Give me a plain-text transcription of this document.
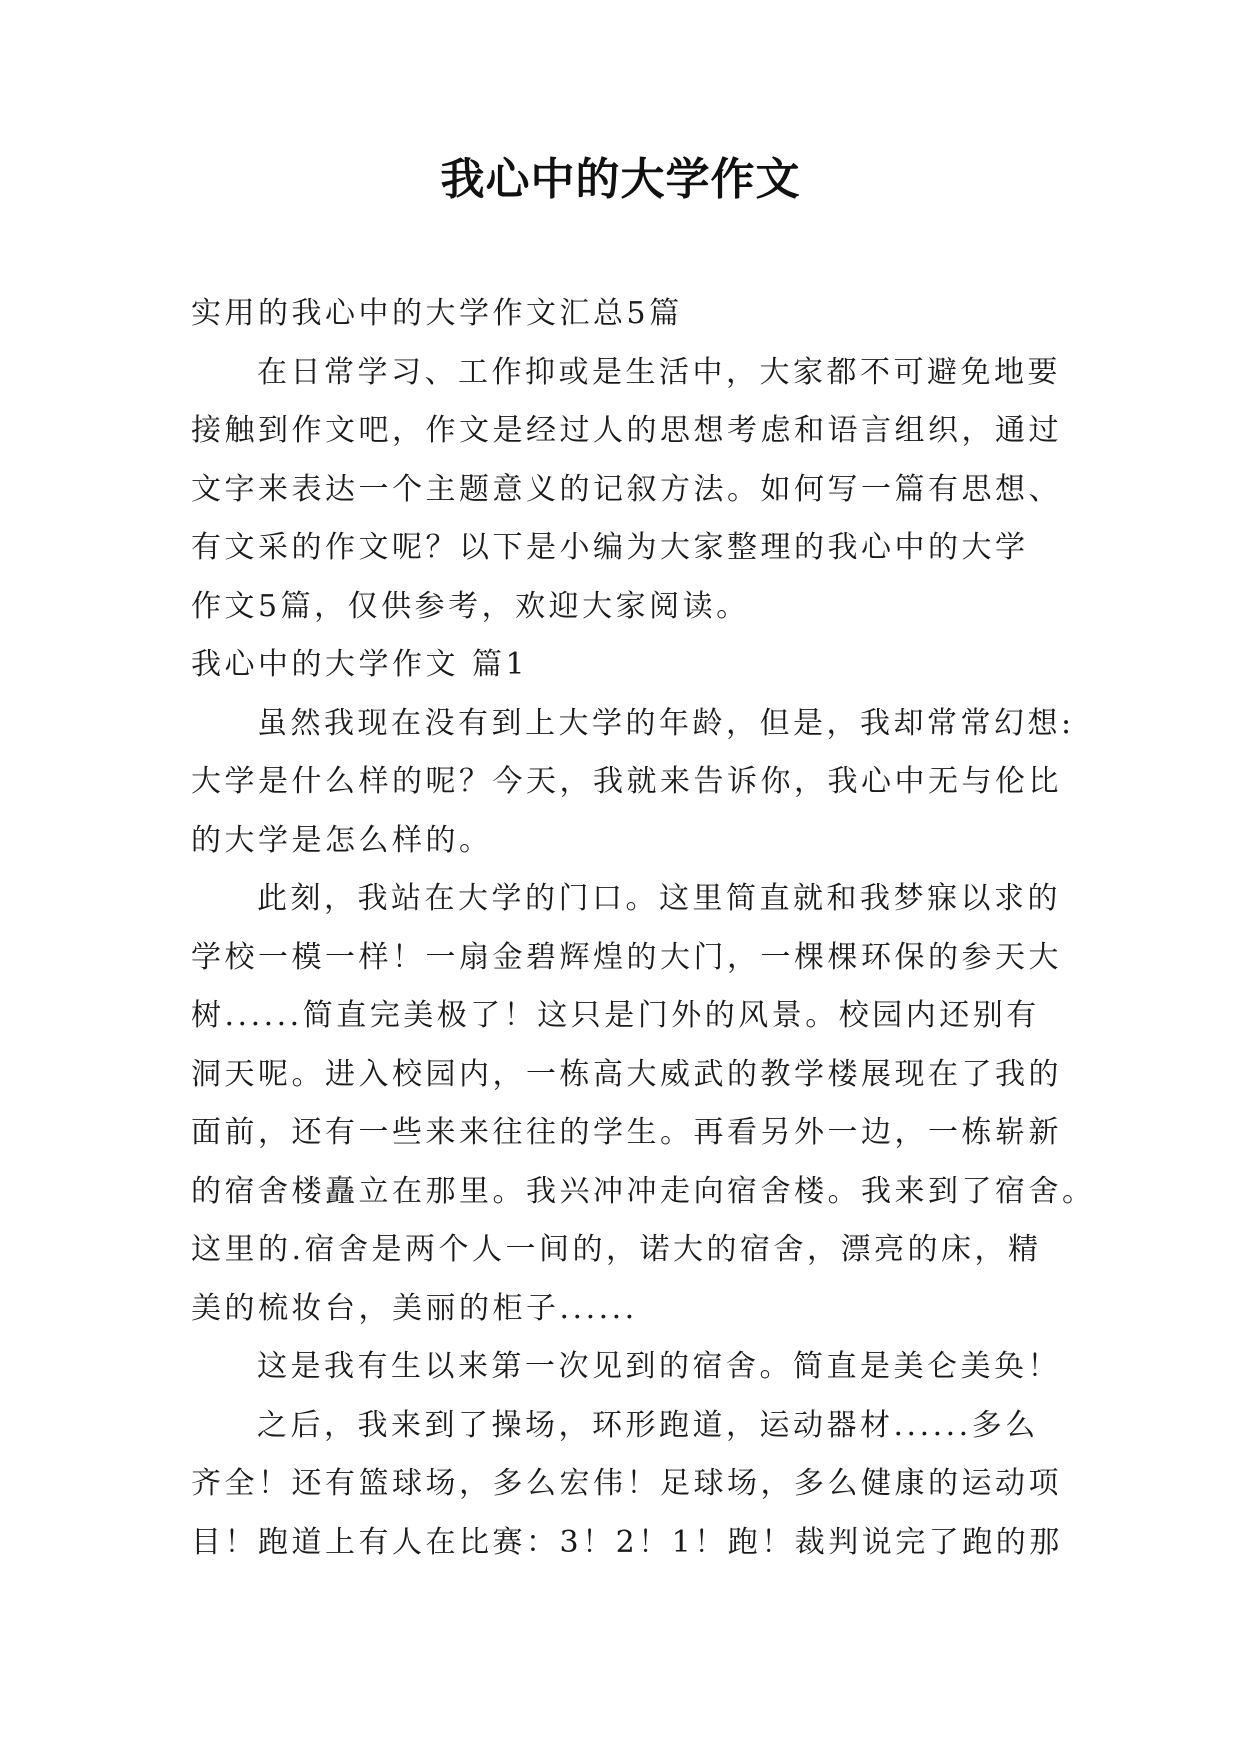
我心中的大学作文
实用的我心中的大学作文汇总5篇
在日常学习、工作抑或是生活中，大家都不可避免地要
接触到作文吧，作文是经过人的思想考虑和语言组织，通过
文字来表达一个主题意义的记叙方法。如何写一篇有思想、
有文采的作文呢？以下是小编为大家整理的我心中的大学
作文5篇，仅供参考，欢迎大家阅读。
我心中的大学作文 篇1
虽然我现在没有到上大学的年龄，但是，我却常常幻想:
大学是什么样的呢？今天，我就来告诉你，我心中无与伦比
的大学是怎么样的。
此刻，我站在大学的门口。这里简直就和我梦寐以求的
学校一模一样！一扇金碧辉煌的大门，一棵棵环保的参天大
树......简直完美极了！这只是门外的风景。校园内还别有
洞天呢。进入校园内，一栋高大威武的教学楼展现在了我的
面前，还有一些来来往往的学生。再看另外一边，一栋崭新
的宿舍楼矗立在那里。我兴冲冲走向宿舍楼。我来到了宿舍。
这里的.宿舍是两个人一间的，诺大的宿舍，漂亮的床，精
美的梳妆台，美丽的柜子......
这是我有生以来第一次见到的宿舍。简直是美仑美奂！
之后，我来到了操场，环形跑道，运动器材......多么
齐全！还有篮球场，多么宏伟！足球场，多么健康的运动项
目！跑道上有人在比赛：3！2！1！跑！裁判说完了跑的那
